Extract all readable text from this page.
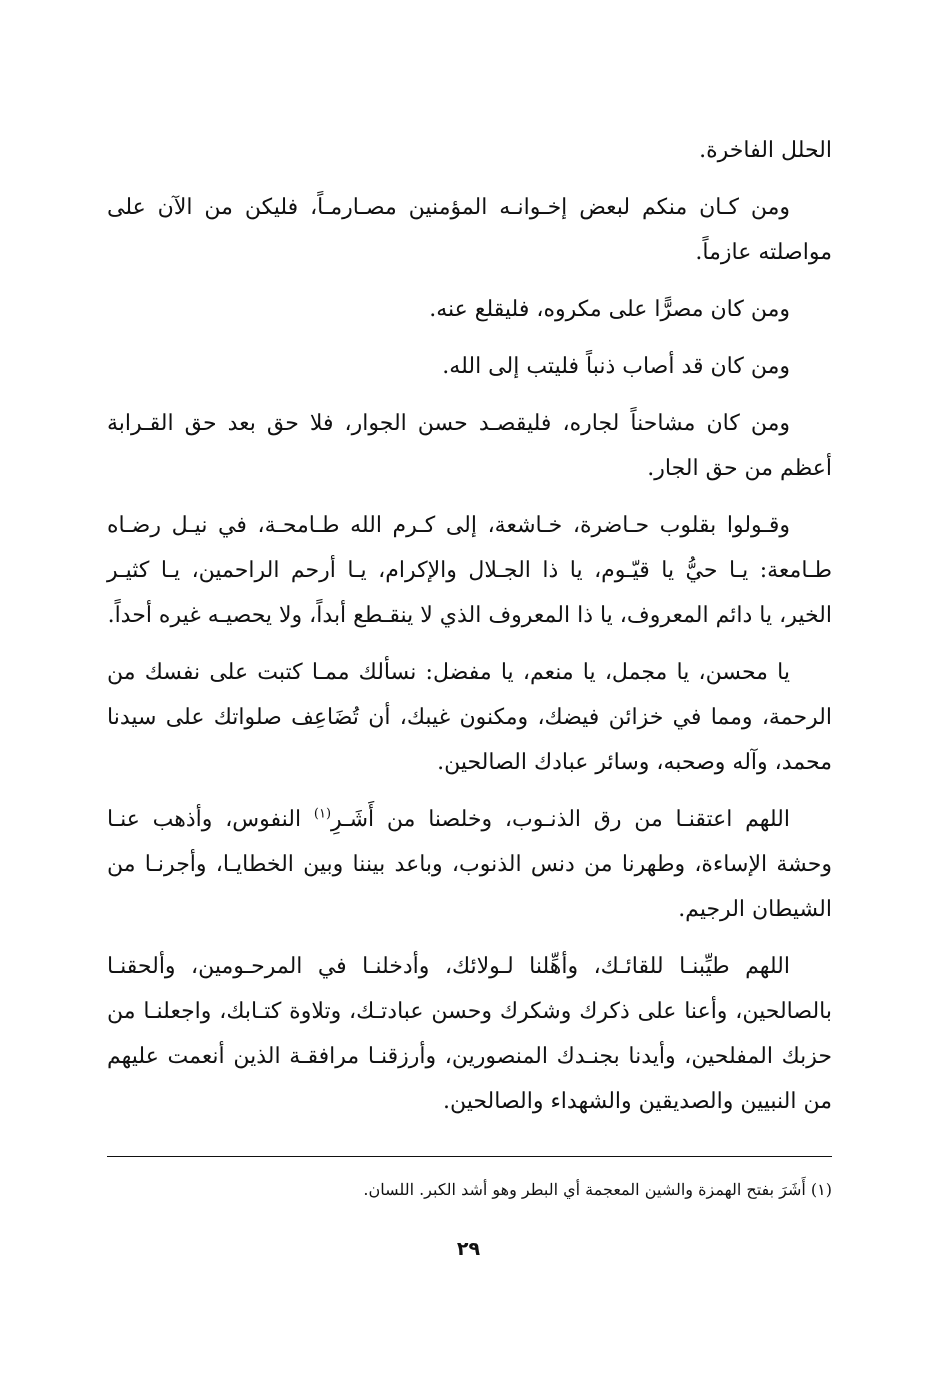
الحلل الفاخرة.

ومن كـان منكم لبعض إخـوانـه المؤمنين مصـارمـاً، فليكن من الآن على مواصلته عازماً.

ومن كان مصرًّا على مكروه، فليقلع عنه.

ومن كان قد أصاب ذنباً فليتب إلى الله.

ومن كان مشاحناً لجاره، فليقصـد حسن الجوار، فلا حق بعد حق القـرابة أعظم من حق الجار.

وقـولوا بقلوب حـاضرة، خـاشعة، إلى كـرم الله طـامحـة، في نيـل رضـاه طـامعة: يـا حيُّ يا قيّـوم، يا ذا الجـلال والإكرام، يـا أرحم الراحمين، يـا كثيـر الخير، يا دائم المعروف، يا ذا المعروف الذي لا ينقـطع أبداً، ولا يحصيـه غيره أحداً.

يا محسن، يا مجمل، يا منعم، يا مفضل: نسألك ممـا كتبت على نفسك من الرحمة، ومما في خزائن فيضك، ومكنون غيبك، أن تُضَاعِف صلواتك على سيدنا محمد، وآله وصحبه، وسائر عبادك الصالحين.

اللهم اعتقنـا من رق الذنـوب، وخلصنا من أَشَـرِ$^{(١)}$ النفوس، وأذهب عنـا وحشة الإساءة، وطهرنا من دنس الذنوب، وباعد بيننا وبين الخطايـا، وأجرنـا من الشيطان الرجيم.

اللهم طيِّبنـا للقائـك، وأهِّلنا لـولائك، وأدخلنـا في المرحـومين، وألحقنـا بالصالحين، وأعنا على ذكرك وشكرك وحسن عبادتـك، وتلاوة كتـابك، واجعلنـا من حزبك المفلحين، وأيدنا بجنـدك المنصورين، وأرزقنـا مرافقـة الذين أنعمت عليهم من النبيين والصديقين والشهداء والصالحين.

(١) أَشَرَ بفتح الهمزة والشين المعجمة أي البطر وهو أشد الكبر. اللسان.
٢٩
